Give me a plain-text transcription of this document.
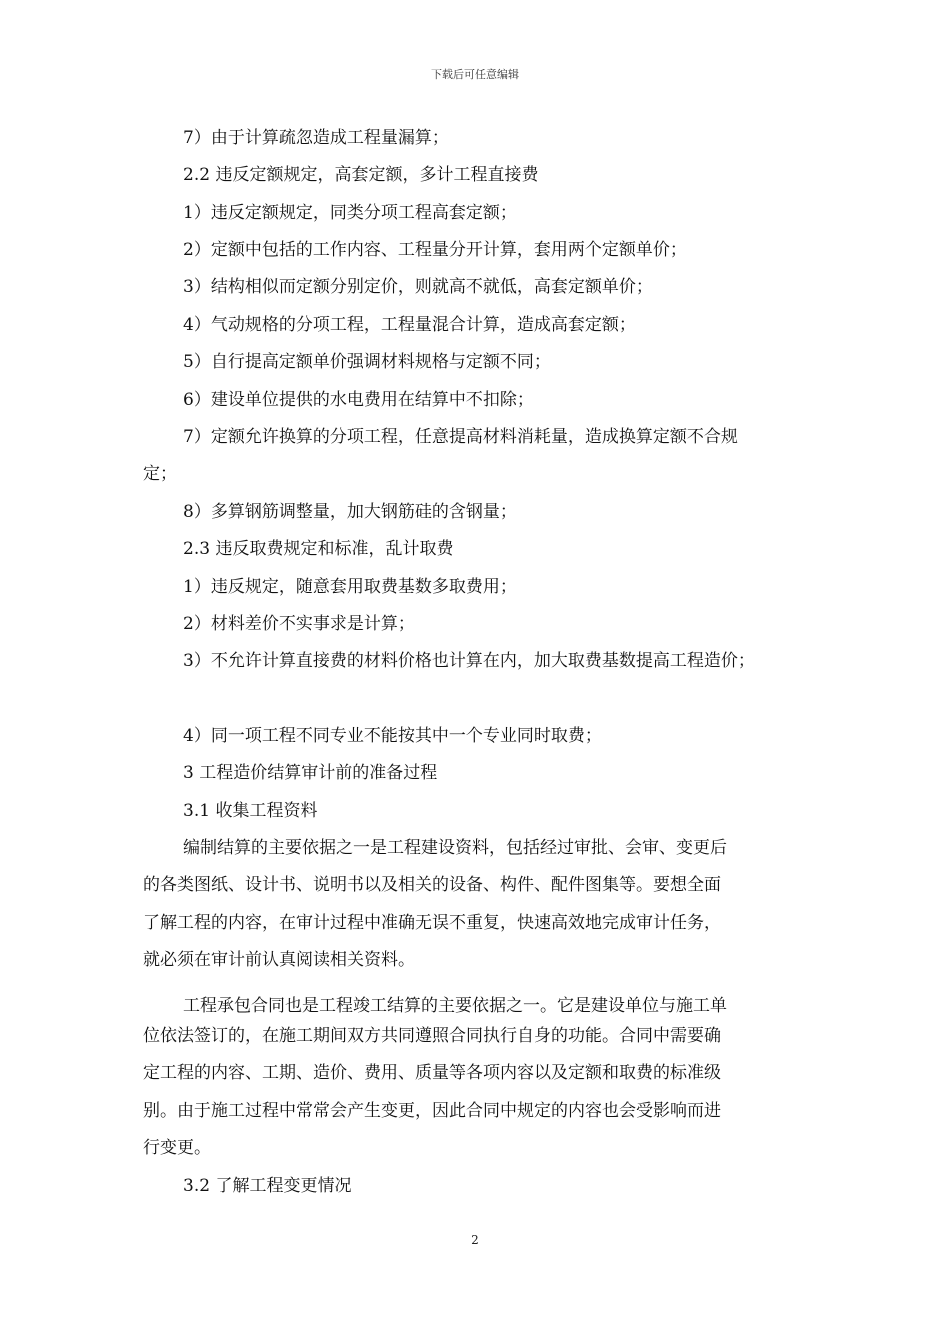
下载后可任意编辑
7）由于计算疏忽造成工程量漏算；
2.2 违反定额规定，高套定额，多计工程直接费
1）违反定额规定，同类分项工程高套定额；
2）定额中包括的工作内容、工程量分开计算，套用两个定额单价；
3）结构相似而定额分别定价，则就高不就低，高套定额单价；
4）气动规格的分项工程，工程量混合计算，造成高套定额；
5）自行提高定额单价强调材料规格与定额不同；
6）建设单位提供的水电费用在结算中不扣除；
7）定额允许换算的分项工程，任意提高材料消耗量，造成换算定额不合规
定；
8）多算钢筋调整量，加大钢筋硅的含钢量；
2.3 违反取费规定和标准，乱计取费
1）违反规定，随意套用取费基数多取费用；
2）材料差价不实事求是计算；
3）不允许计算直接费的材料价格也计算在内，加大取费基数提高工程造价；
4）同一项工程不同专业不能按其中一个专业同时取费；
3 工程造价结算审计前的准备过程
3.1 收集工程资料
编制结算的主要依据之一是工程建设资料，包括经过审批、会审、变更后
的各类图纸、设计书、说明书以及相关的设备、构件、配件图集等。要想全面
了解工程的内容，在审计过程中准确无误不重复，快速高效地完成审计任务，
就必须在审计前认真阅读相关资料。
工程承包合同也是工程竣工结算的主要依据之一。它是建设单位与施工单
位依法签订的，在施工期间双方共同遵照合同执行自身的功能。合同中需要确
定工程的内容、工期、造价、费用、质量等各项内容以及定额和取费的标准级
别。由于施工过程中常常会产生变更，因此合同中规定的内容也会受影响而进
行变更。
3.2 了解工程变更情况
2
